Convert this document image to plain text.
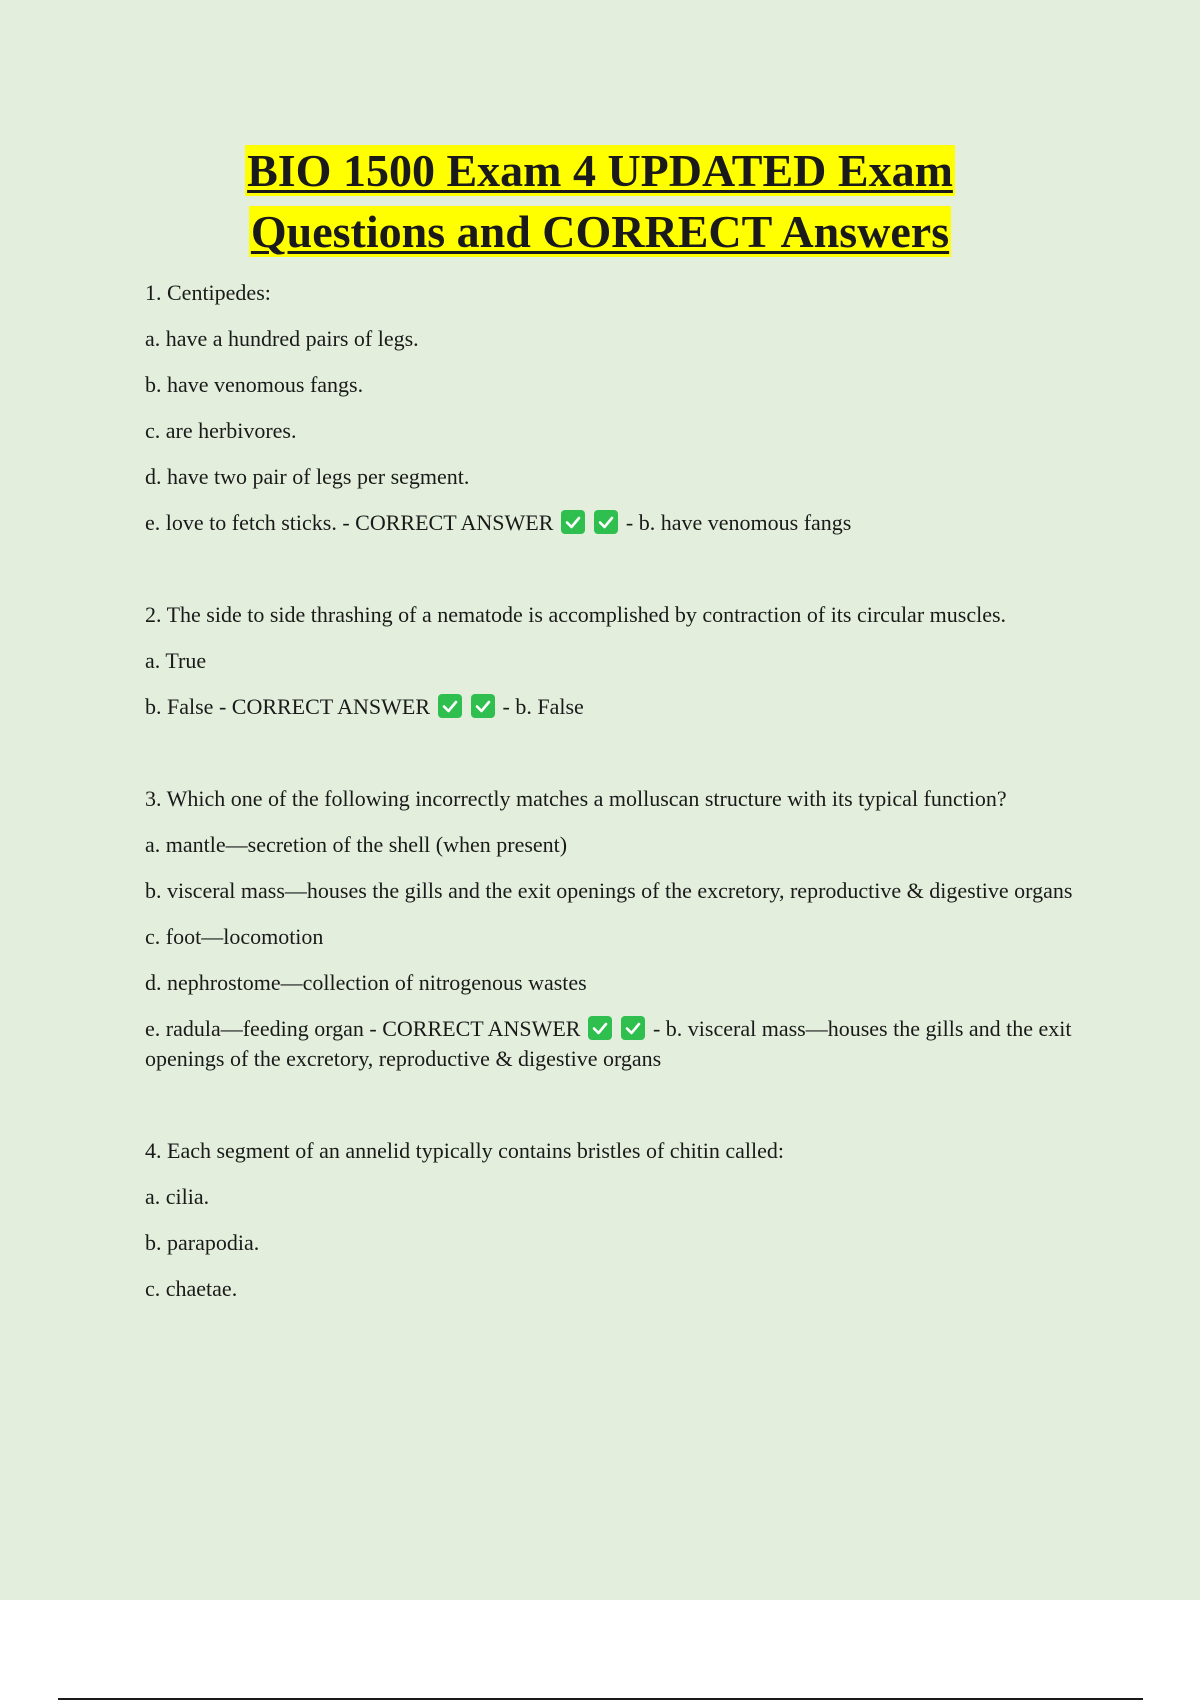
BIO 1500 Exam 4 UPDATED Exam
Questions and CORRECT Answers
1. Centipedes:
a. have a hundred pairs of legs.
b. have venomous fangs.
c. are herbivores.
d. have two pair of legs per segment.
e. love to fetch sticks. - CORRECT ANSWER
	- b. have venomous fangs
2. The side to side thrashing of a nematode is accomplished by contraction of its circular muscles.
a. True
b. False - CORRECT ANSWER
	- b. False
3. Which one of the following incorrectly matches a molluscan structure with its typical function?
a. mantle—secretion of the shell (when present)
b. visceral mass—houses the gills and the exit openings of the excretory, reproductive & digestive organs
c. foot—locomotion
d. nephrostome—collection of nitrogenous wastes
e. radula—feeding organ - CORRECT ANSWER
	- b. visceral mass—houses the gills and the exit openings of the excretory, reproductive & digestive organs
4. Each segment of an annelid typically contains bristles of chitin called:
a. cilia.
b. parapodia.
c. chaetae.
